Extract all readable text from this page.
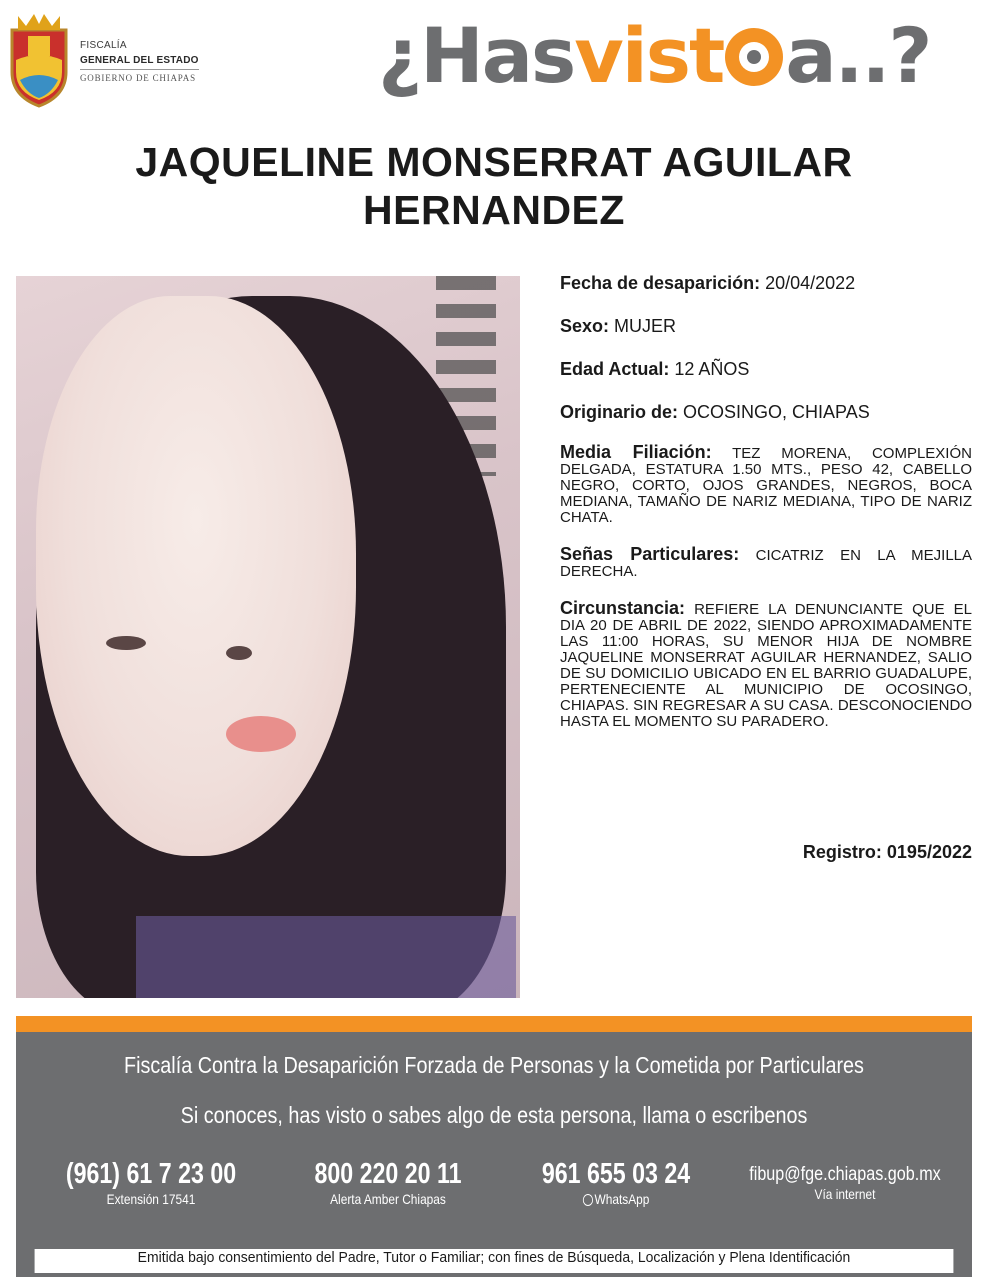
FISCALÍA
GENERAL DEL ESTADO
GOBIERNO DE CHIAPAS ¿Hasvist a..?
JAQUELINE MONSERRAT AGUILAR
HERNANDEZ
Fecha de desaparición: 20/04/2022
Sexo: MUJER
Edad Actual: 12 AÑOS
Originario de: OCOSINGO, CHIAPAS
Media Filiación: TEZ MORENA, COMPLEXIÓN DELGADA, ESTATURA 1.50 MTS., PESO 42, CABELLO NEGRO, CORTO, OJOS GRANDES, NEGROS, BOCA MEDIANA, TAMAÑO DE NARIZ MEDIANA, TIPO DE NARIZ CHATA.
Señas Particulares: CICATRIZ EN LA MEJILLA DERECHA.
Circunstancia: REFIERE LA DENUNCIANTE QUE EL DIA 20 DE ABRIL DE 2022, SIENDO APROXIMADAMENTE LAS 11:00 HORAS, SU MENOR HIJA DE NOMBRE JAQUELINE MONSERRAT AGUILAR HERNANDEZ, SALIO DE SU DOMICILIO UBICADO EN EL BARRIO GUADALUPE, PERTENECIENTE AL MUNICIPIO DE OCOSINGO, CHIAPAS. SIN REGRESAR A SU CASA. DESCONOCIENDO HASTA EL MOMENTO SU PARADERO.
Registro: 0195/2022
Fiscalía Contra la Desaparición Forzada de Personas y la Cometida por Particulares
Si conoces, has visto o sabes algo de esta persona, llama o escribenos
(961) 61 7 23 00
Extensión 17541
800 220 20 11
Alerta Amber Chiapas
961 655 03 24
WhatsApp
fibup@fge.chiapas.gob.mx
Vía internet
Emitida bajo consentimiento del Padre, Tutor o Familiar; con fines de Búsqueda, Localización y Plena Identificación
